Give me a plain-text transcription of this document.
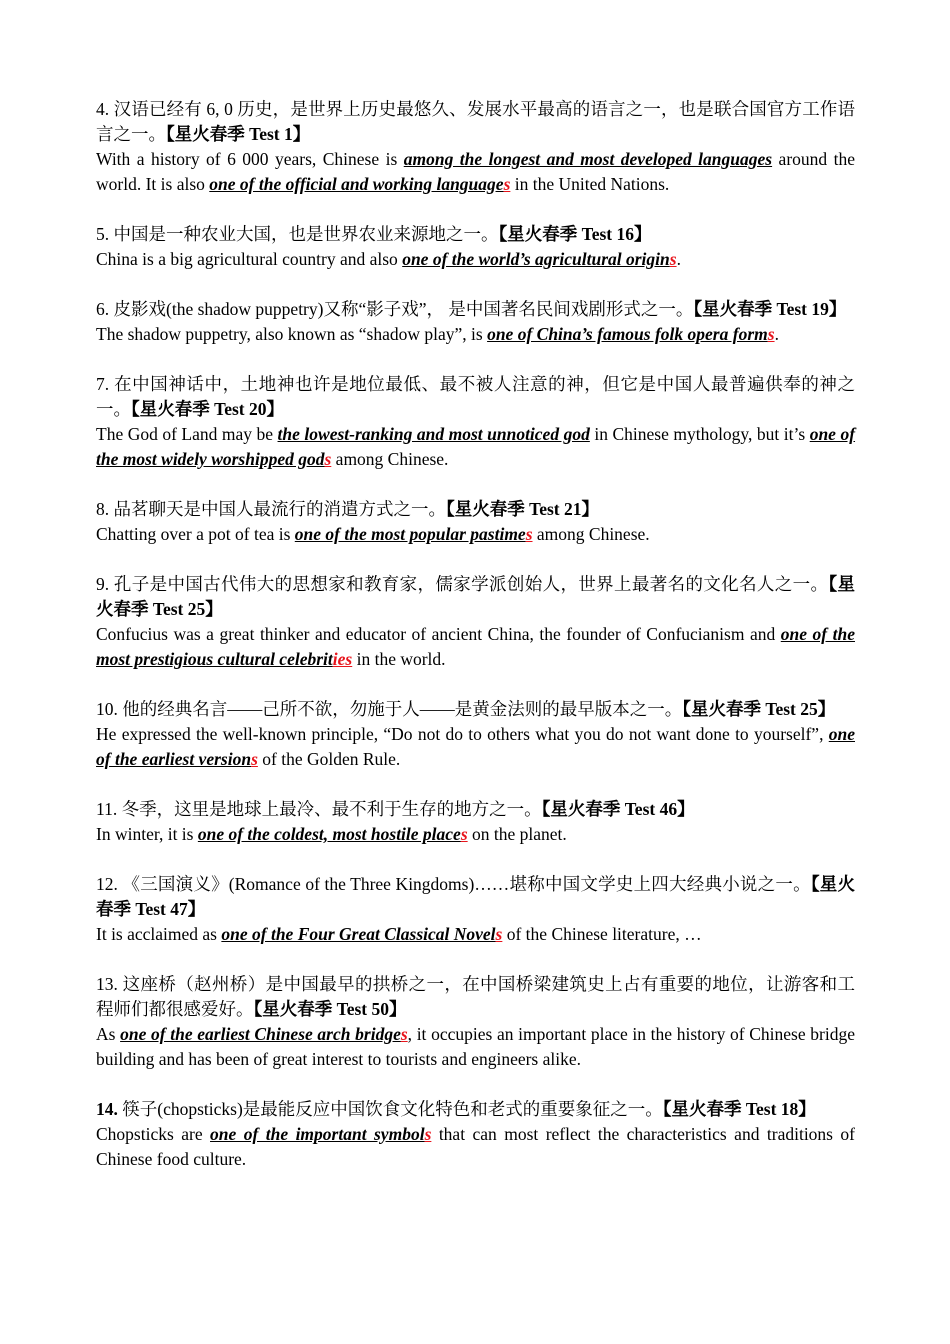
4. 汉语已经有 6, 0 历史，是世界上历史最悠久、发展水平最高的语言之一，也是联合国官方工作语言之一。【星火春季 Test 1】

With a history of 6 000 years, Chinese is among the longest and most developed languages around the world. It is also one of the official and working languages in the United Nations.

5. 中国是一种农业大国，也是世界农业来源地之一。【星火春季 Test 16】

China is a big agricultural country and also one of the world’s agricultural origins.

6. 皮影戏(the shadow puppetry)又称“影子戏”， 是中国著名民间戏剧形式之一。【星火春季 Test 19】

The shadow puppetry, also known as “shadow play”, is one of China’s famous folk opera forms.

7. 在中国神话中，土地神也许是地位最低、最不被人注意的神，但它是中国人最普遍供奉的神之一。【星火春季 Test 20】

The God of Land may be the lowest-ranking and most unnoticed god in Chinese mythology, but it’s one of the most widely worshipped gods among Chinese.

8. 品茗聊天是中国人最流行的消遣方式之一。【星火春季 Test 21】

Chatting over a pot of tea is one of the most popular pastimes among Chinese.

9. 孔子是中国古代伟大的思想家和教育家，儒家学派创始人，世界上最著名的文化名人之一。【星火春季 Test 25】

Confucius was a great thinker and educator of ancient China, the founder of Confucianism and one of the most prestigious cultural celebrities in the world.

10. 他的经典名言——己所不欲，勿施于人——是黄金法则的最早版本之一。【星火春季 Test 25】

He expressed the well-known principle, “Do not do to others what you do not want done to yourself”, one of the earliest versions of the Golden Rule.

11. 冬季，这里是地球上最冷、最不利于生存的地方之一。【星火春季 Test 46】

In winter, it is one of the coldest, most hostile places on the planet.

12. 《三国演义》(Romance of the Three Kingdoms)……堪称中国文学史上四大经典小说之一。【星火春季 Test 47】

It is acclaimed as one of the Four Great Classical Novels of the Chinese literature, …

13. 这座桥（赵州桥）是中国最早的拱桥之一，在中国桥梁建筑史上占有重要的地位，让游客和工程师们都很感爱好。【星火春季 Test 50】

As one of the earliest Chinese arch bridges, it occupies an important place in the history of Chinese bridge building and has been of great interest to tourists and engineers alike.

14. 筷子(chopsticks)是最能反应中国饮食文化特色和老式的重要象征之一。【星火春季 Test 18】

Chopsticks are one of the important symbols that can most reflect the characteristics and traditions of Chinese food culture.
